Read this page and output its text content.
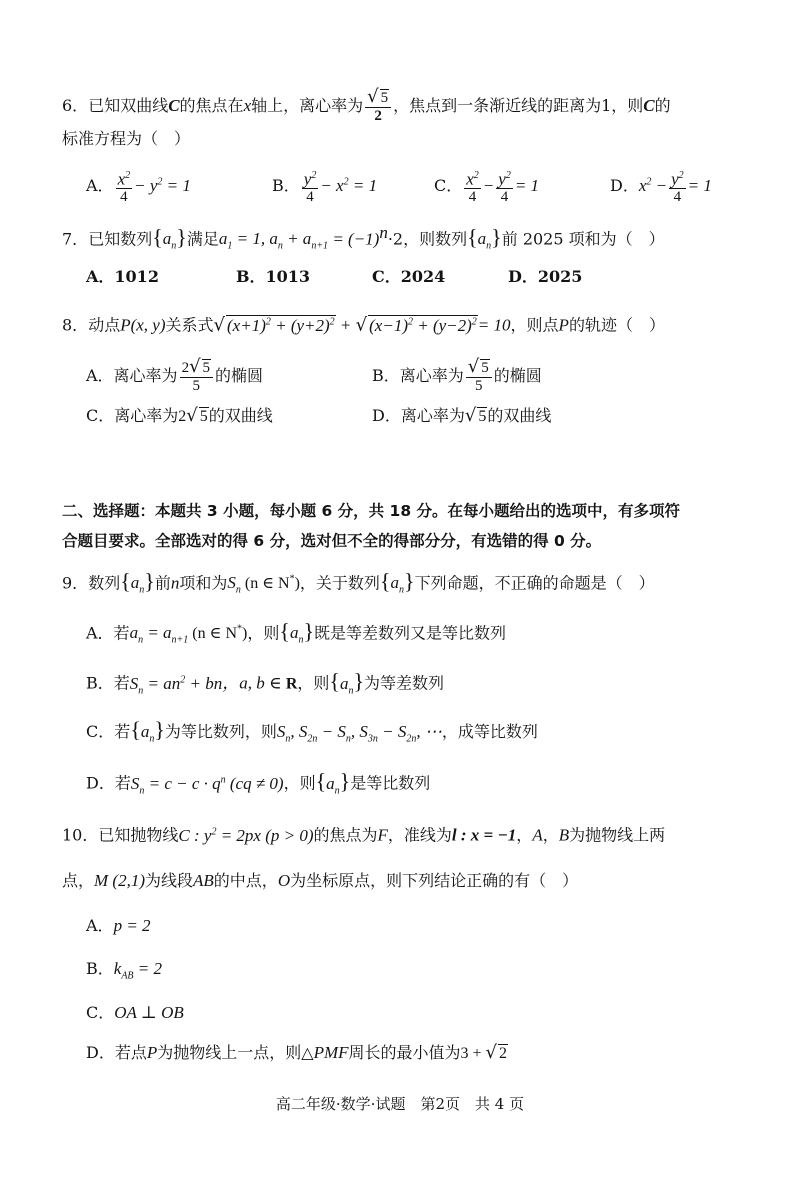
6．已知双曲线C的焦点在x轴上，离心率为 $\frac{√ 5}{2}$ ，焦点到一条渐近线的距离为1，则C的
标准方程为（　）
A． $\frac{x^2}{4} - y^2 = 1$	B． $\frac{y^2}{4} - x^2 = 1$	C． $\frac{x^2}{4} - \frac{y^2}{4} = 1$	D．$x^2 - \frac{y^2}{4} = 1$
7．已知数列$\{a_n\}$满足$a_1 = 1$, $a_n + a_{n+1} = (-1)^n\cdot 2$，则数列$\{a_n\}$前 2025 项和为（　）
A．1012	B．1013	C．2024	D．2025
8．动点P(x, y)关系式√ $(x+1)^2 + (y+2)^2$ + √ $(x-1)^2 + (y-2)^2= 10$，则点P的轨迹（　）
A．离心率为 $\frac{2√ 5}{5}$ 的椭圆	B．离心率为 $\frac{√ 5}{5}$ 的椭圆
C．离心率为2√ 5的双曲线	D．离心率为√ 5的双曲线
二、选择题：本题共 3 小题，每小题 6 分，共 18 分。在每小题给出的选项中，有多项符
合题目要求。全部选对的得 6 分，选对但不全的得部分分，有选错的得 0 分。
9．数列$\{a_n\}$前n项和为$S_n$ (n ∈ N*)，关于数列$\{a_n\}$下列命题，不正确的命题是（　）
A．若$a_n = a_{n+1}$ (n ∈ N*)，则$\{a_n\}$既是等差数列又是等比数列
B．若$S_n = an^2$ + bn，a, b ∈ R，则$\{a_n\}$为等差数列
C．若$\{a_n\}$为等比数列，则$S_n$, $S_{2n} - S_n$, $S_{3n} - S_{2n}$, ⋯，成等比数列
D．若$S_n = c - c \cdot q^n$ (cq ≠ 0)，则$\{a_n\}$是等比数列
10．已知抛物线C : $y^2 = 2px$ (p > 0)的焦点为F，准线为l : x = −1，A，B为抛物线上两
点，M (2,1)为线段AB的中点，O为坐标原点，则下列结论正确的有（　）
A．p = 2
B．$k_{AB} = 2$
C．OA ⊥ OB
D．若点P为抛物线上一点，则△PMF周长的最小值为3 + √ 2
高二年级·数学·试题　第2页　共 4 页
